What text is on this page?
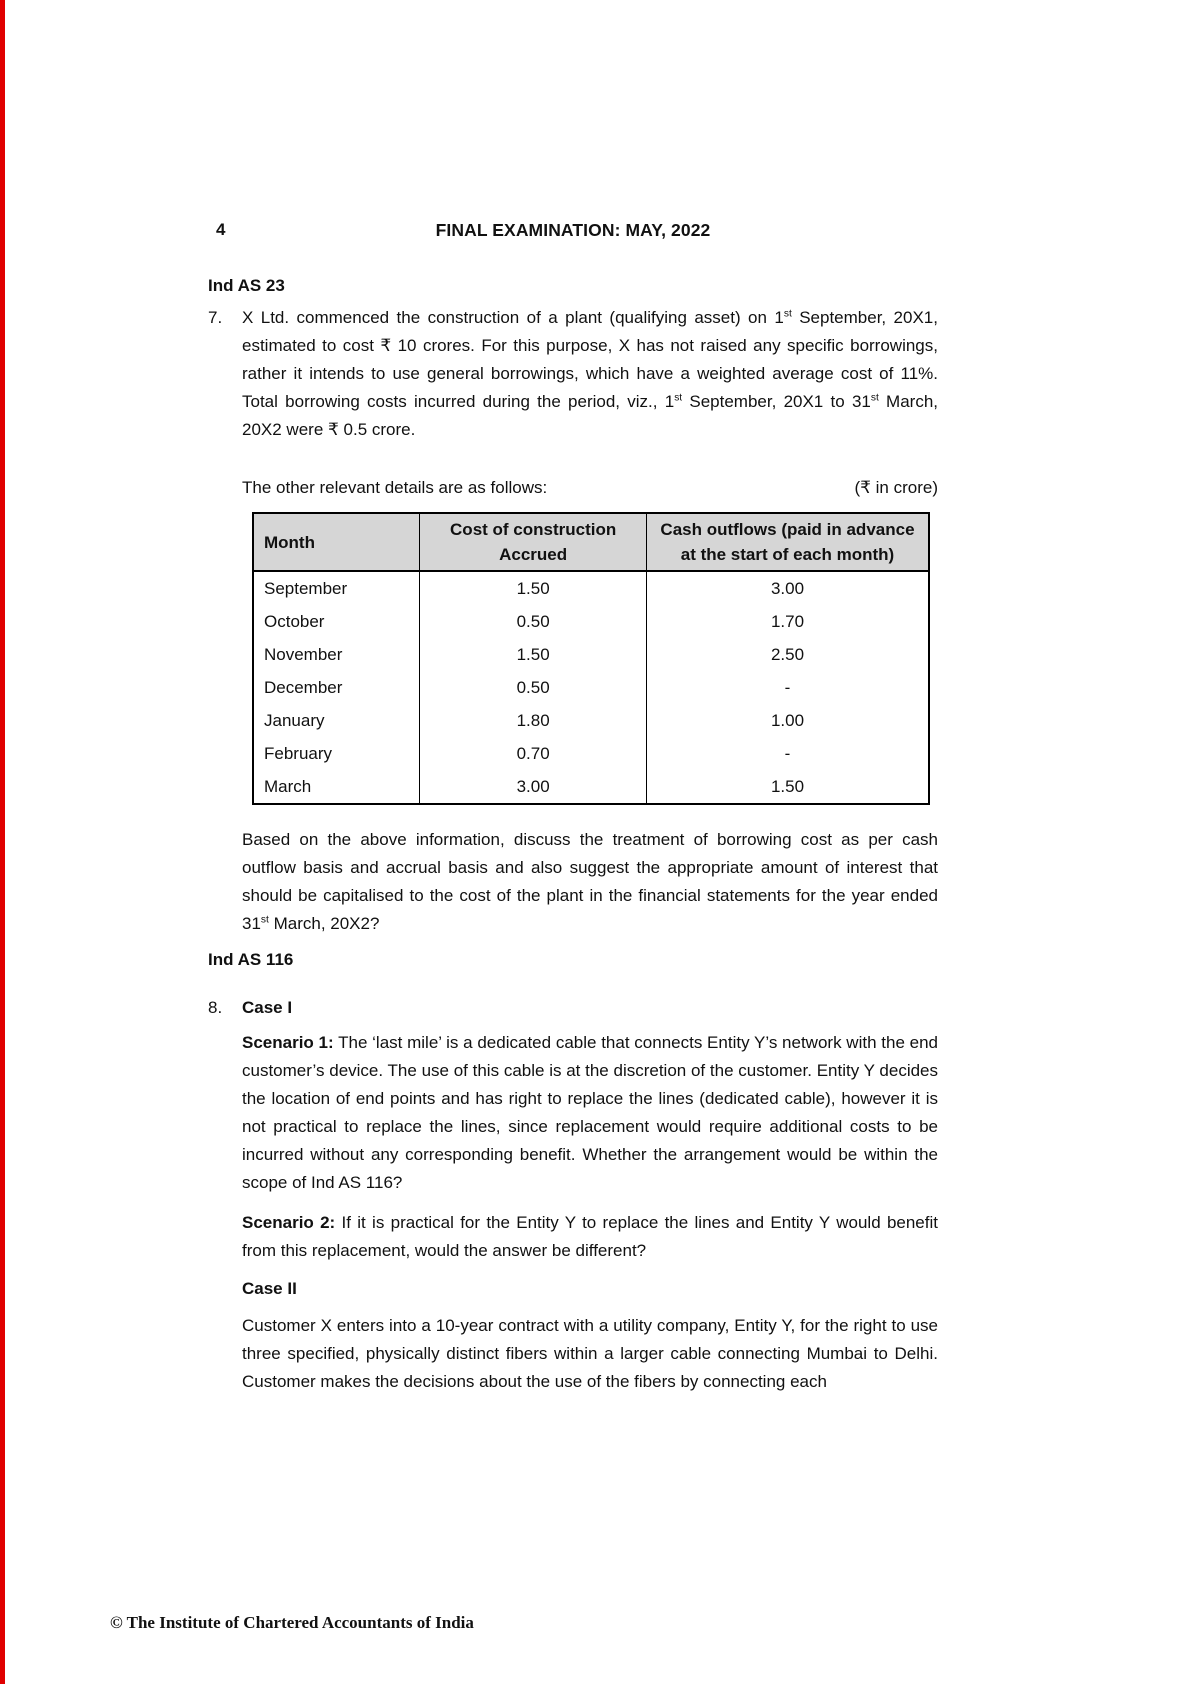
4	FINAL EXAMINATION: MAY, 2022
Ind AS 23
7. X Ltd. commenced the construction of a plant (qualifying asset) on 1st September, 20X1, estimated to cost ₹ 10 crores. For this purpose, X has not raised any specific borrowings, rather it intends to use general borrowings, which have a weighted average cost of 11%. Total borrowing costs incurred during the period, viz., 1st September, 20X1 to 31st March, 20X2 were ₹ 0.5 crore.

The other relevant details are as follows:	(₹ in crore)
Month	Cost of construction Accrued	Cash outflows (paid in advance at the start of each month)
September	1.50	3.00
October	0.50	1.70
November	1.50	2.50
December	0.50	-
January	1.80	1.00
February	0.70	-
March	3.00	1.50

Based on the above information, discuss the treatment of borrowing cost as per cash outflow basis and accrual basis and also suggest the appropriate amount of interest that should be capitalised to the cost of the plant in the financial statements for the year ended 31st March, 20X2?

Ind AS 116
8. Case I

Scenario 1: The ‘last mile’ is a dedicated cable that connects Entity Y’s network with the end customer’s device. The use of this cable is at the discretion of the customer. Entity Y decides the location of end points and has right to replace the lines (dedicated cable), however it is not practical to replace the lines, since replacement would require additional costs to be incurred without any corresponding benefit. Whether the arrangement would be within the scope of Ind AS 116?

Scenario 2: If it is practical for the Entity Y to replace the lines and Entity Y would benefit from this replacement, would the answer be different?

Case II

Customer X enters into a 10-year contract with a utility company, Entity Y, for the right to use three specified, physically distinct fibers within a larger cable connecting Mumbai to Delhi. Customer makes the decisions about the use of the fibers by connecting each

© The Institute of Chartered Accountants of India
